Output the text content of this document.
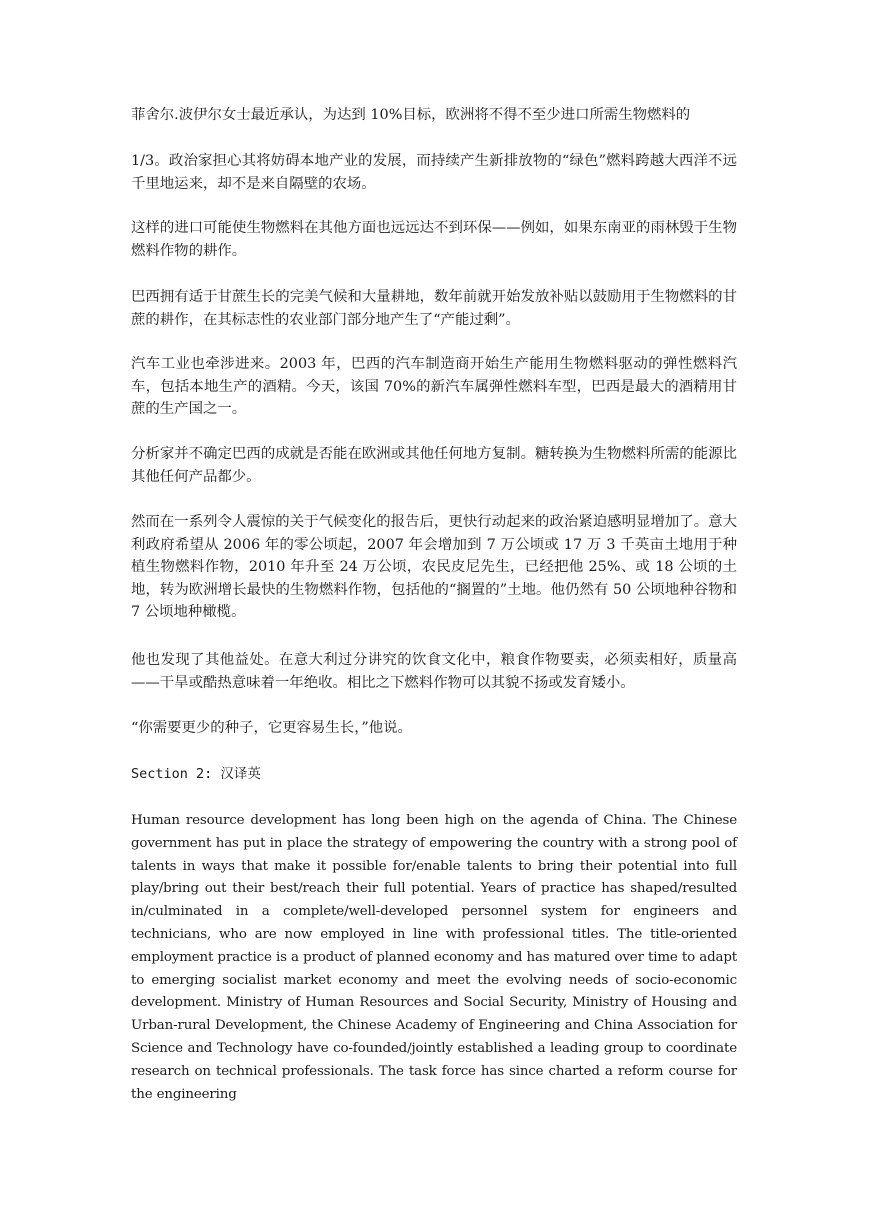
菲舍尔.波伊尔女士最近承认，为达到 10%目标，欧洲将不得不至少进口所需生物燃料的

1/3。政治家担心其将妨碍本地产业的发展，而持续产生新排放物的“绿色”燃料跨越大西洋不远千里地运来，却不是来自隔壁的农场。

这样的进口可能使生物燃料在其他方面也远远达不到环保——例如，如果东南亚的雨林毁于生物燃料作物的耕作。

巴西拥有适于甘蔗生长的完美气候和大量耕地，数年前就开始发放补贴以鼓励用于生物燃料的甘蔗的耕作，在其标志性的农业部门部分地产生了“产能过剩”。

汽车工业也牵涉进来。2003 年，巴西的汽车制造商开始生产能用生物燃料驱动的弹性燃料汽车，包括本地生产的酒精。今天，该国 70%的新汽车属弹性燃料车型，巴西是最大的酒精用甘蔗的生产国之一。

分析家并不确定巴西的成就是否能在欧洲或其他任何地方复制。糖转换为生物燃料所需的能源比其他任何产品都少。

然而在一系列令人震惊的关于气候变化的报告后，更快行动起来的政治紧迫感明显增加了。意大利政府希望从 2006 年的零公顷起，2007 年会增加到 7 万公顷或 17 万 3 千英亩土地用于种植生物燃料作物，2010 年升至 24 万公顷，农民皮尼先生，已经把他 25%、或 18 公顷的土地，转为欧洲增长最快的生物燃料作物，包括他的“搁置的”土地。他仍然有 50 公顷地种谷物和 7 公顷地种橄榄。

他也发现了其他益处。在意大利过分讲究的饮食文化中，粮食作物要卖，必须卖相好，质量高——干旱或酷热意味着一年绝收。相比之下燃料作物可以其貌不扬或发育矮小。

“你需要更少的种子，它更容易生长，”他说。

Section 2: 汉译英

Human resource development has long been high on the agenda of China. The Chinese government has put in place the strategy of empowering the country with a strong pool of talents in ways that make it possible for/enable talents to bring their potential into full play/bring out their best/reach their full potential. Years of practice has shaped/resulted in/culminated in a complete/well-developed personnel system for engineers and technicians, who are now employed in line with professional titles. The title-oriented employment practice is a product of planned economy and has matured over time to adapt to emerging socialist market economy and meet the evolving needs of socio-economic development. Ministry of Human Resources and Social Security, Ministry of Housing and Urban-rural Development, the Chinese Academy of Engineering and China Association for Science and Technology have co-founded/jointly established a leading group to coordinate research on technical professionals. The task force has since charted a reform course for the engineering
